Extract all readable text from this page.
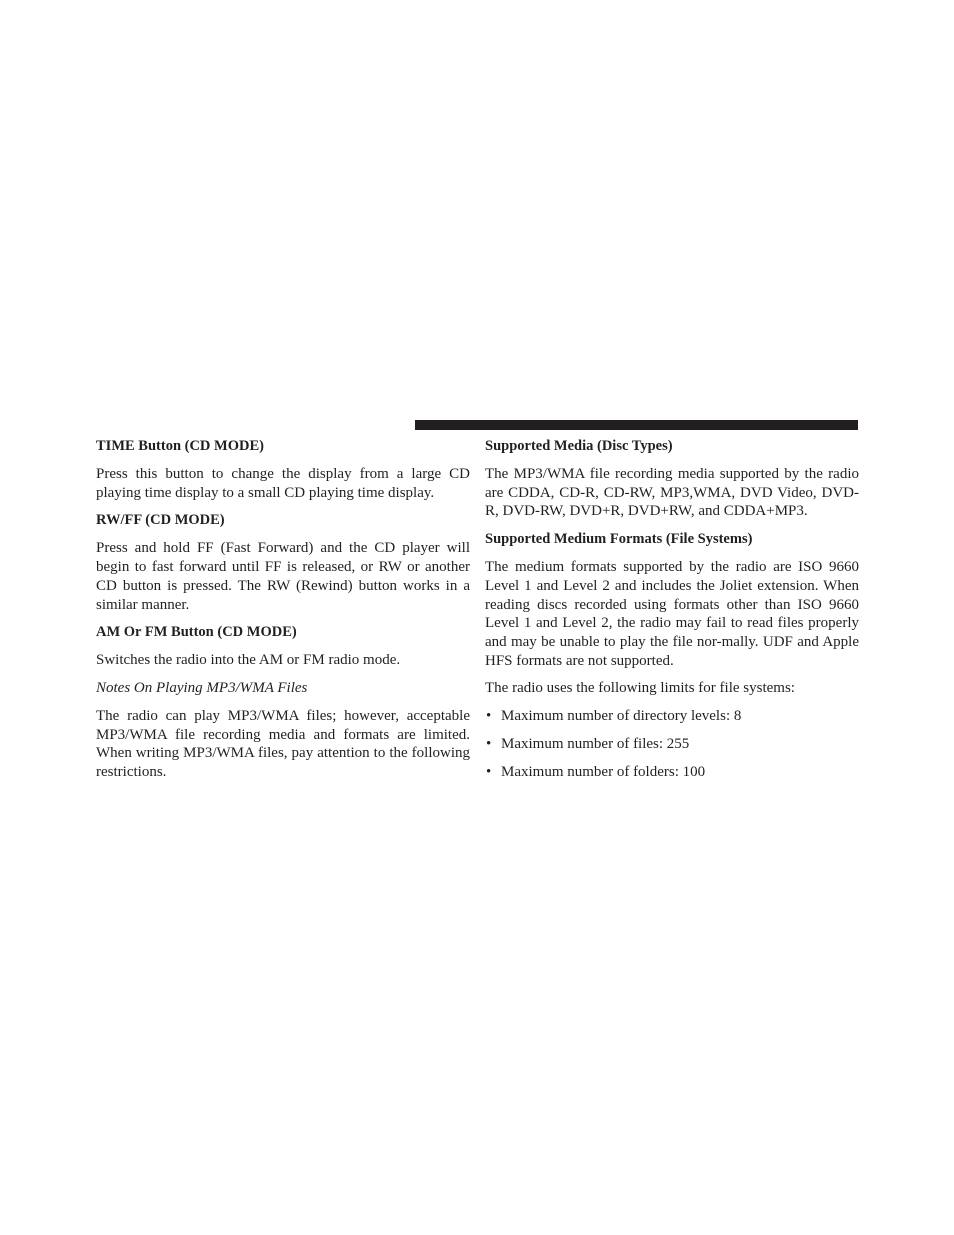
TIME Button (CD MODE)

Press this button to change the display from a large CD playing time display to a small CD playing time display.

RW/FF (CD MODE)

Press and hold FF (Fast Forward) and the CD player will begin to fast forward until FF is released, or RW or another CD button is pressed. The RW (Rewind) button works in a similar manner.

AM Or FM Button (CD MODE)

Switches the radio into the AM or FM radio mode.

Notes On Playing MP3/WMA Files

The radio can play MP3/WMA files; however, acceptable MP3/WMA file recording media and formats are limited. When writing MP3/WMA files, pay attention to the following restrictions.

Supported Media (Disc Types)

The MP3/WMA file recording media supported by the radio are CDDA, CD-R, CD-RW, MP3,WMA, DVD Video, DVD-R, DVD-RW, DVD+R, DVD+RW, and CDDA+MP3.

Supported Medium Formats (File Systems)

The medium formats supported by the radio are ISO 9660 Level 1 and Level 2 and includes the Joliet extension. When reading discs recorded using formats other than ISO 9660 Level 1 and Level 2, the radio may fail to read files properly and may be unable to play the file nor-mally. UDF and Apple HFS formats are not supported.

The radio uses the following limits for file systems:

• Maximum number of directory levels: 8
• Maximum number of files: 255
• Maximum number of folders: 100
